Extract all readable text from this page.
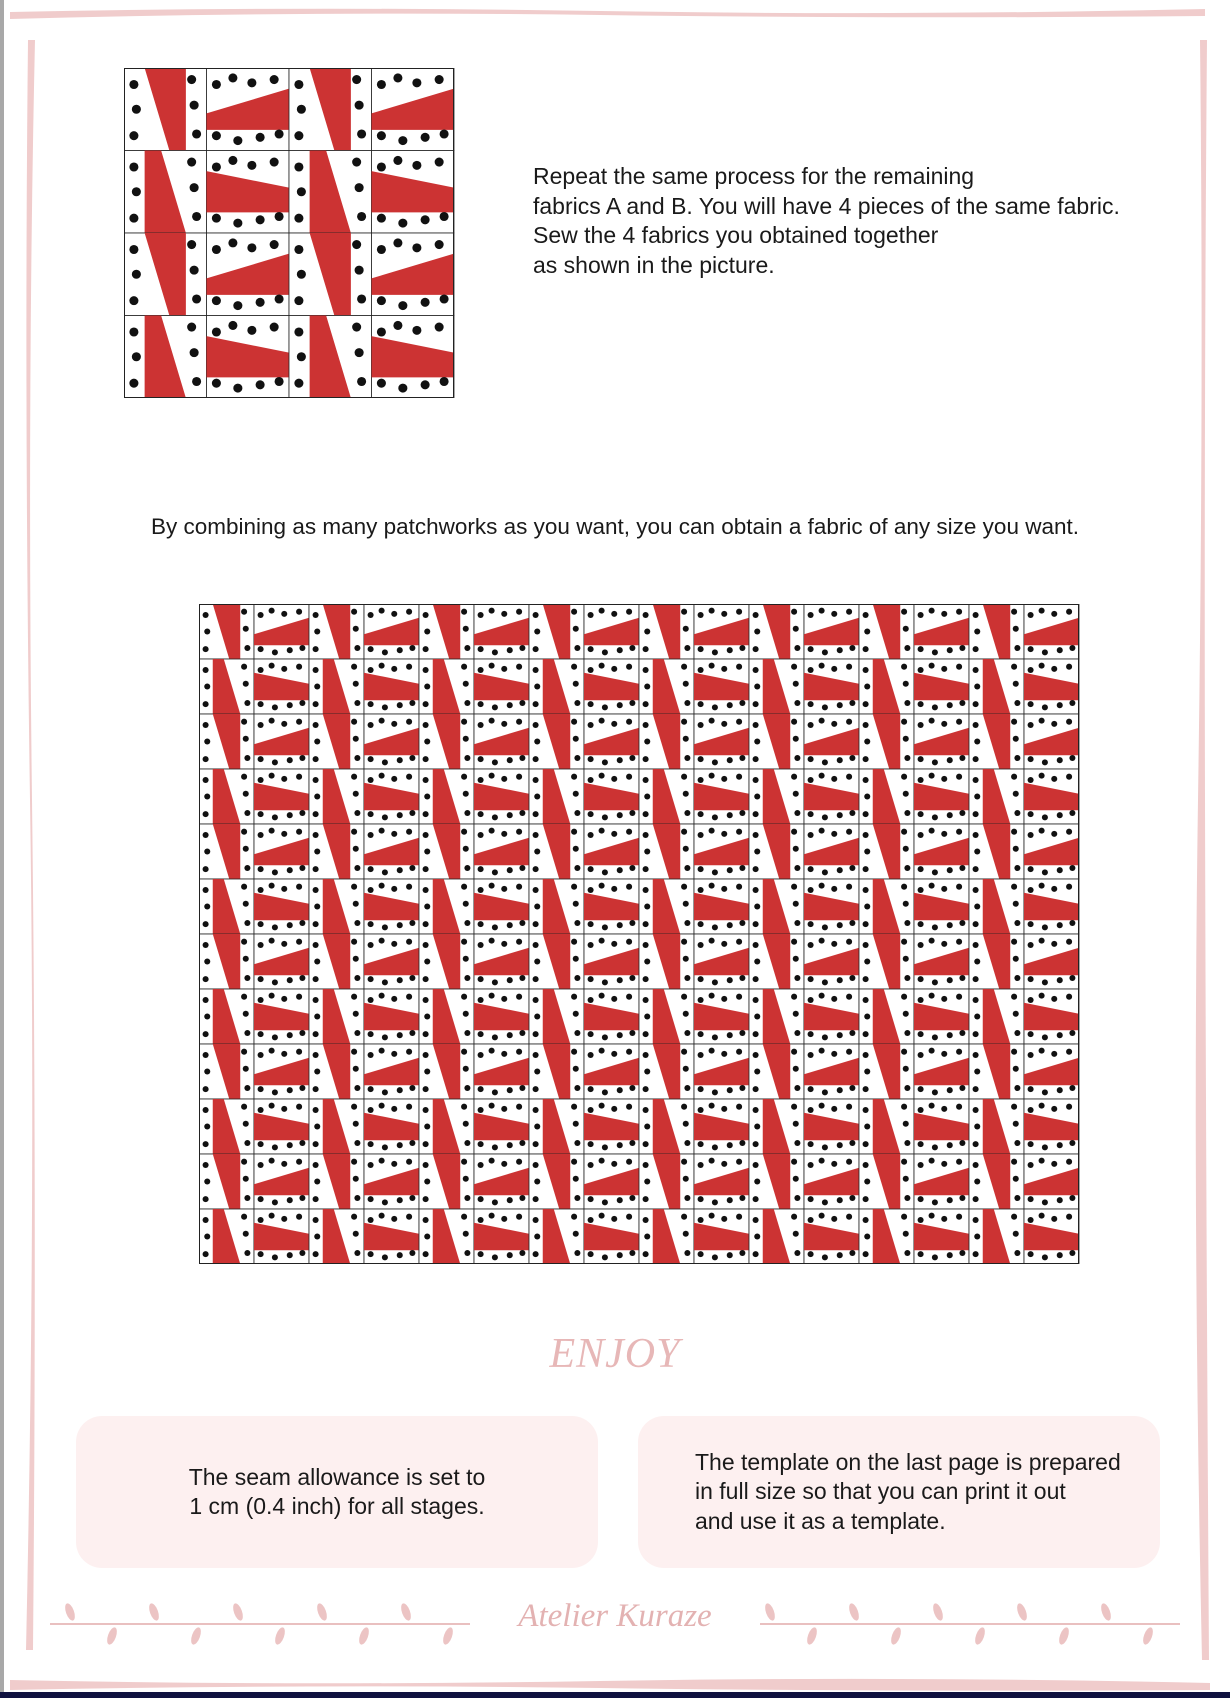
Repeat the same process for the remaining
fabrics A and B. You will have 4 pieces of the same fabric.
Sew the 4 fabrics you obtained together
as shown in the picture.
By combining as many patchworks as you want, you can obtain a fabric of any size you want.
ENJOY
The seam allowance is set to
1 cm (0.4 inch) for all stages.
The template on the last page is prepared
in full size so that you can print it out
and use it as a template.
Atelier Kuraze
